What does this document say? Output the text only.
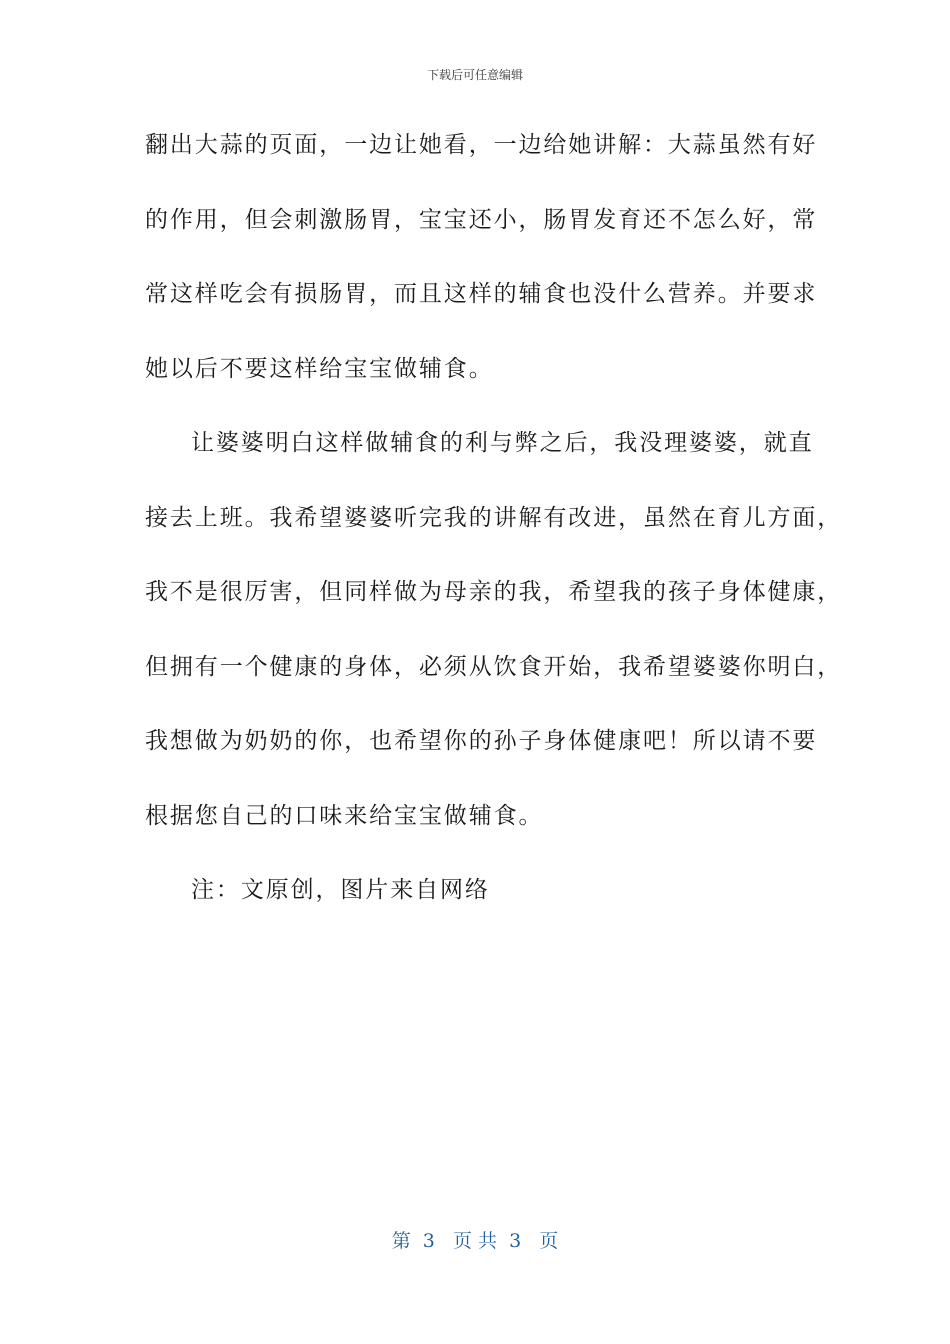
下载后可任意编辑
翻出大蒜的页面，一边让她看，一边给她讲解：大蒜虽然有好
的作用，但会刺激肠胃，宝宝还小，肠胃发育还不怎么好，常
常这样吃会有损肠胃，而且这样的辅食也没什么营养。并要求
她以后不要这样给宝宝做辅食。
让婆婆明白这样做辅食的利与弊之后，我没理婆婆，就直
接去上班。我希望婆婆听完我的讲解有改进，虽然在育儿方面，
我不是很厉害，但同样做为母亲的我，希望我的孩子身体健康，
但拥有一个健康的身体，必须从饮食开始，我希望婆婆你明白，
我想做为奶奶的你，也希望你的孙子身体健康吧！所以请不要
根据您自己的口味来给宝宝做辅食。
注：文原创，图片来自网络
第  3   页 共  3   页
